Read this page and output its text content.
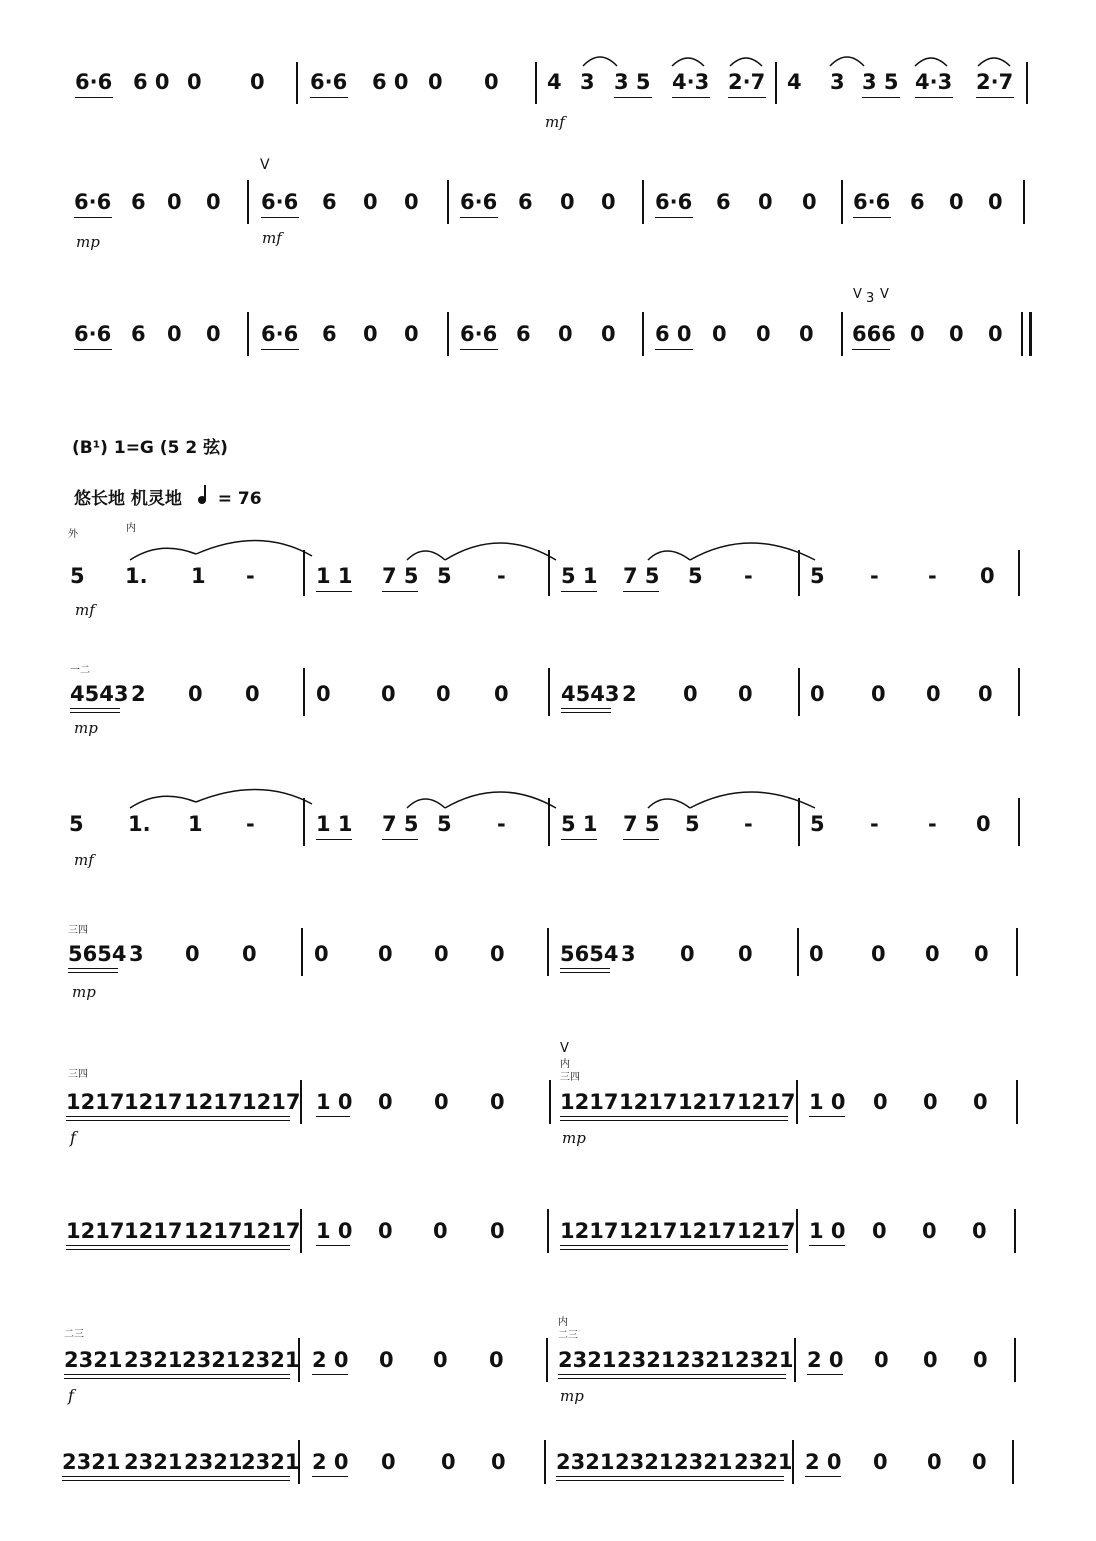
6·6 6 0 0 0 6·6 6 0 0 0 4 3 3 5 4·3 2·7 4 3 3 5 4·3 2·7
mf
6·6 6 0 0 6·6 6 0 0 6·6 6 0 0 6·6 6 0 0 6·6 6 0 0
V
mp	mf
6·6 6 0 0 6·6 6 0 0 6·6 6 0 0 6 0 0 0 0 666 0 0 0
V 3 V
(B¹) 1=G (5 2 弦)
悠长地 机灵地 = 76
外
内
5 1. 1 -	1 1 7 5 5 -	5 1 7 5 5 -	5 - - 0
mf
一二
4543 2 0 0	0 0 0 0 4543 2 0 0	0 0 0 0
mp
5 1. 1 -	1 1 7 5 5 -	5 1 7 5 5 -	5 - - 0
mf
三四
5654 3 0 0	0 0 0 0	5654 3 0 0	0 0 0 0
mp
三四
1217 1217 1217 1217 1 0 0 0 0
V
内
三四
1217 1217 1217 1217 1 0 0 0 0
f	mp
1217 1217 1217 1217 1 0 0 0 0	1217 1217 1217 1217 1 0 0 0 0
二三
2321 2321 2321 2321 2 0 0 0 0
内
二三
2321 2321 2321 2321 2 0 0 0 0
f	mp
2321 2321 2321
2321 2 0 0 0 0 2321 2321 2321 2321 2 0 0 0 0
